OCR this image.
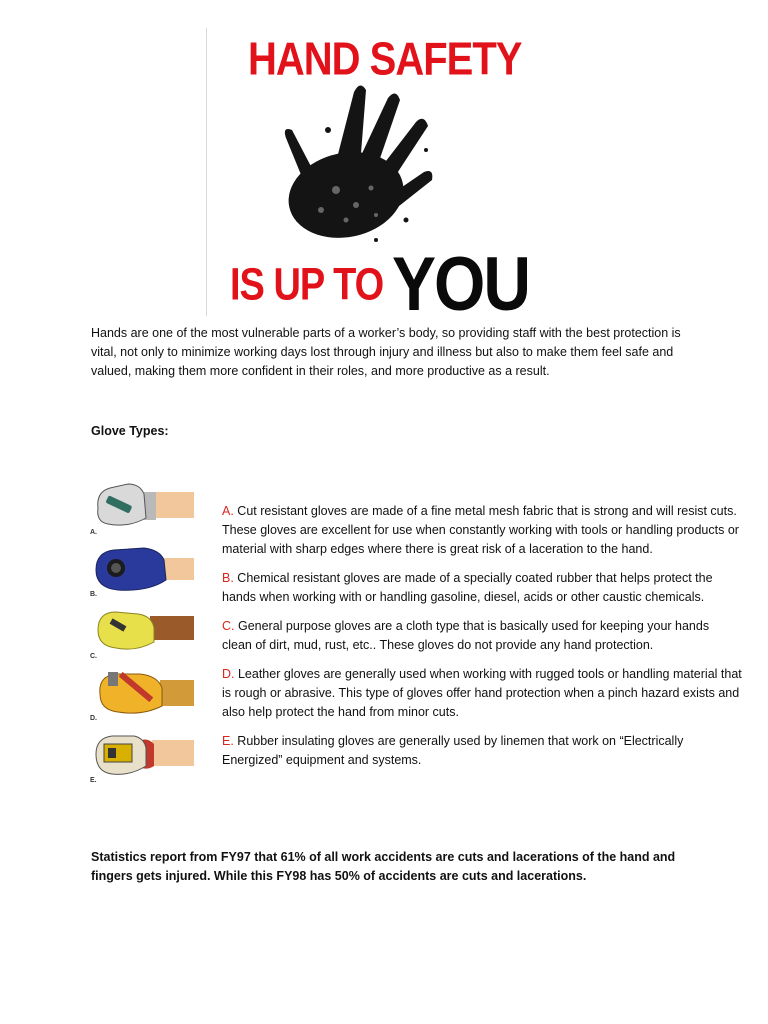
HAND SAFETY
IS UP TO YOU
Hands are one of the most vulnerable parts of a worker’s body, so providing staff with the best protection is vital, not only to minimize working days lost through injury and illness but also to make them feel safe and valued, making them more confident in their roles, and more productive as a result.
Glove Types:
A.
B.
C.
D.
E.
A. Cut resistant gloves are made of a fine metal mesh fabric that is strong and will resist cuts. These gloves are excellent for use when constantly working with tools or handling products or material with sharp edges where there is great risk of a laceration to the hand.
B. Chemical resistant gloves are made of a specially coated rubber that helps protect the hands when working with or handling gasoline, diesel, acids or other caustic chemicals.
C. General purpose gloves are a cloth type that is basically used for keeping your hands clean of dirt, mud, rust, etc.. These gloves do not provide any hand protection.
D. Leather gloves are generally used when working with rugged tools or handling material that is rough or abrasive. This type of gloves offer hand protection when a pinch hazard exists and also help protect the hand from minor cuts.
E. Rubber insulating gloves are generally used by linemen that work on “Electrically Energized” equipment and systems.
Statistics report from FY97 that 61% of all work accidents are cuts and lacerations of the hand and fingers gets injured. While this FY98 has 50% of accidents are cuts and lacerations.
